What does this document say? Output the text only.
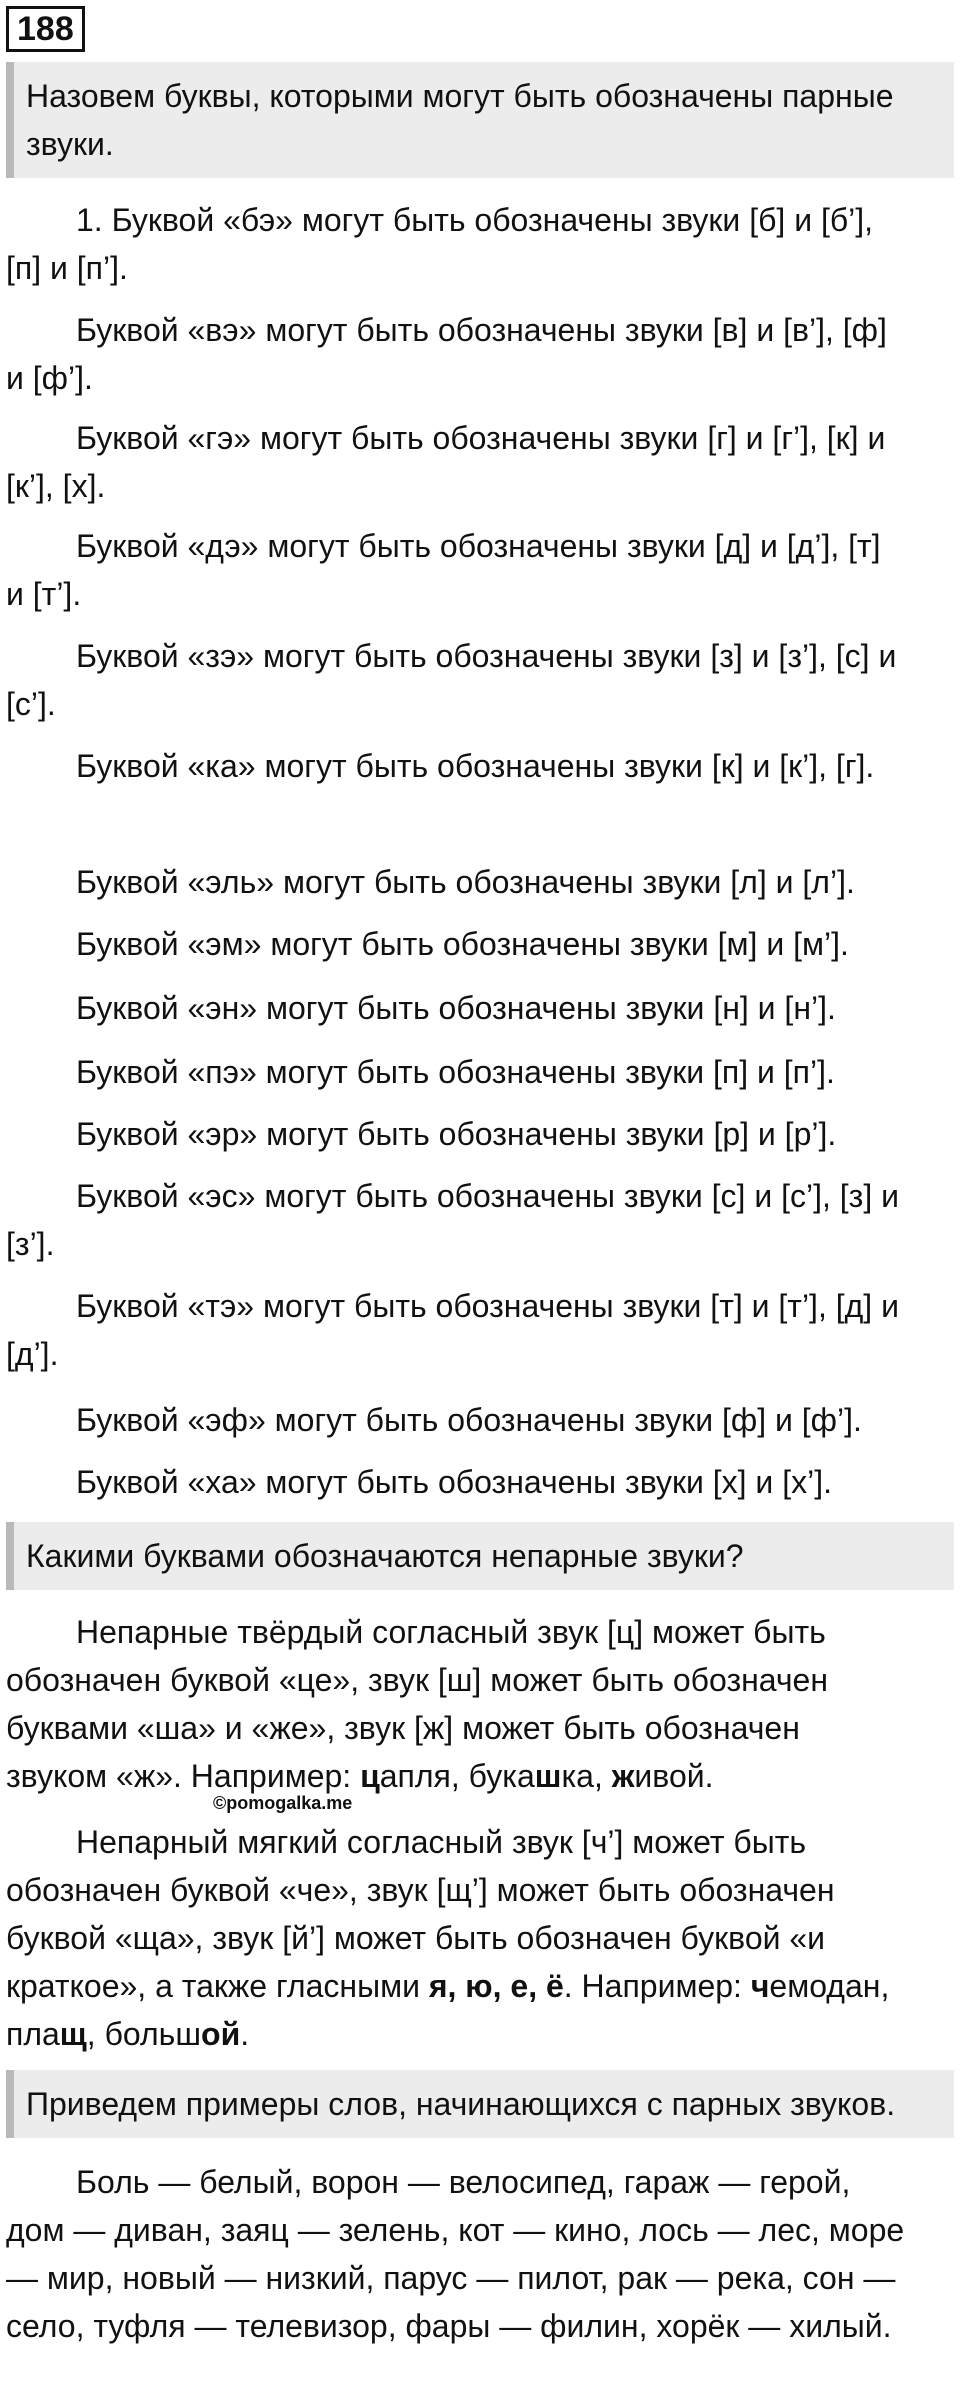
188
Назовем буквы, которыми могут быть обозначены парные звуки.

1. Буквой «бэ» могут быть обозначены звуки [б] и [б’], [п] и [п’].

Буквой «вэ» могут быть обозначены звуки [в] и [в’], [ф] и [ф’].

Буквой «гэ» могут быть обозначены звуки [г] и [г’], [к] и [к’], [х].

Буквой «дэ» могут быть обозначены звуки [д] и [д’], [т] и [т’].

Буквой «зэ» могут быть обозначены звуки [з] и [з’], [с] и [с’].

Буквой «ка» могут быть обозначены звуки [к] и [к’], [г].

Буквой «эль» могут быть обозначены звуки [л] и [л’].

Буквой «эм» могут быть обозначены звуки [м] и [м’].

Буквой «эн» могут быть обозначены звуки [н] и [н’].

Буквой «пэ» могут быть обозначены звуки [п] и [п’].

Буквой «эр» могут быть обозначены звуки [р] и [р’].

Буквой «эс» могут быть обозначены звуки [с] и [с’], [з] и [з’].

Буквой «тэ» могут быть обозначены звуки [т] и [т’], [д] и [д’].

Буквой «эф» могут быть обозначены звуки [ф] и [ф’].

Буквой «ха» могут быть обозначены звуки [х] и [х’].

Какими буквами обозначаются непарные звуки?

Непарные твёрдый согласный звук [ц] может быть обозначен буквой «це», звук [ш] может быть обозначен буквами «ша» и «же», звук [ж] может быть обозначен звуком «ж». Например: цапля, букашка, живой.

©pomogalka.me

Непарный мягкий согласный звук [ч’] может быть обозначен буквой «че», звук [щ’] может быть обозначен буквой «ща», звук [й’] может быть обозначен буквой «и краткое», а также гласными я, ю, е, ё. Например: чемодан, плащ, большой.

Приведем примеры слов, начинающихся с парных звуков.

Боль — белый, ворон — велосипед, гараж — герой, дом — диван, заяц — зелень, кот — кино, лось — лес, море — мир, новый — низкий, парус — пилот, рак — река, сон — село, туфля — телевизор, фары — филин, хорёк — хилый.
